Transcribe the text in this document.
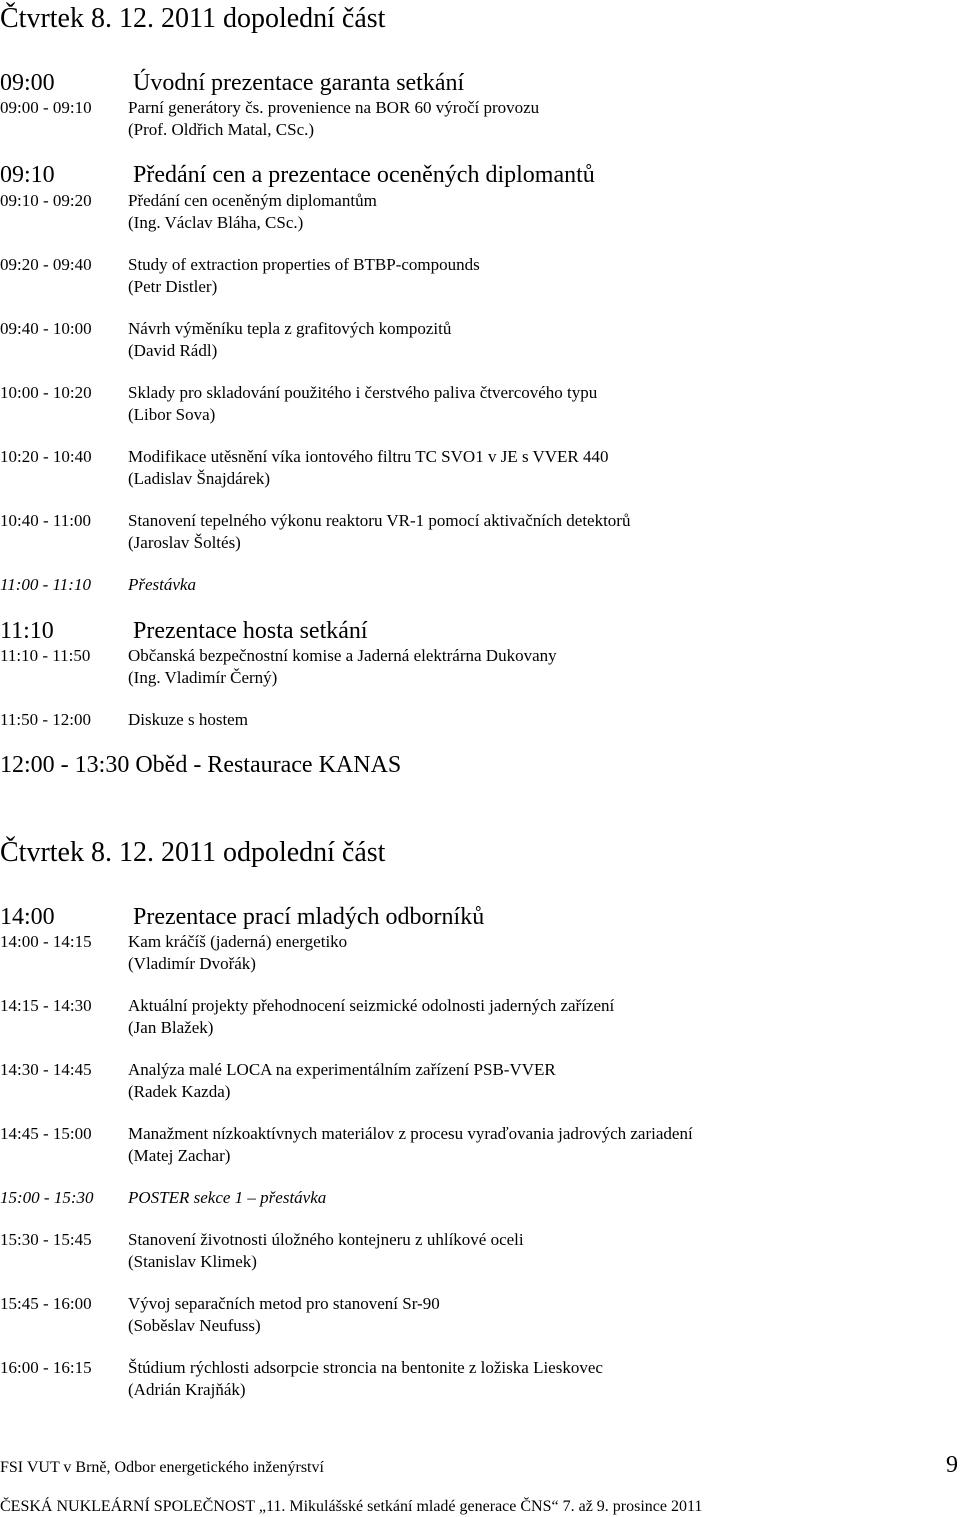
Čtvrtek 8. 12. 2011 dopolední část
09:00	Úvodní prezentace garanta setkání
09:00 - 09:10 Parní generátory čs. provenience na BOR 60 výročí provozu
(Prof. Oldřich Matal, CSc.)
09:10	Předání cen a prezentace oceněných diplomantů
09:10 - 09:20 Předání cen oceněným diplomantům
(Ing. Václav Bláha, CSc.)
09:20 - 09:40 Study of extraction properties of BTBP-compounds
(Petr Distler)
09:40 - 10:00 Návrh výměníku tepla z grafitových kompozitů
(David Rádl)
10:00 - 10:20 Sklady pro skladování použitého i čerstvého paliva čtvercového typu
(Libor Sova)
10:20 - 10:40 Modifikace utěsnění víka iontového filtru TC SVO1 v JE s VVER 440
(Ladislav Šnajdárek)
10:40 - 11:00 Stanovení tepelného výkonu reaktoru VR-1 pomocí aktivačních detektorů
(Jaroslav Šoltés)
11:00 - 11:10 Přestávka
11:10	Prezentace hosta setkání
11:10 - 11:50 Občanská bezpečnostní komise a Jaderná elektrárna Dukovany
(Ing. Vladimír Černý)
11:50 - 12:00 Diskuze s hostem
12:00 - 13:30 Oběd - Restaurace KANAS
Čtvrtek 8. 12. 2011 odpolední část
14:00	Prezentace prací mladých odborníků
14:00 - 14:15 Kam kráčíš (jaderná) energetiko
(Vladimír Dvořák)
14:15 - 14:30 Aktuální projekty přehodnocení seizmické odolnosti jaderných zařízení
(Jan Blažek)
14:30 - 14:45 Analýza malé LOCA na experimentálním zařízení PSB-VVER
(Radek Kazda)
14:45 - 15:00 Manažment nízkoaktívnych materiálov z procesu vyraďovania jadrových zariadení
(Matej Zachar)
15:00 - 15:30 POSTER sekce 1 – přestávka
15:30 - 15:45 Stanovení životnosti úložného kontejneru z uhlíkové oceli
(Stanislav Klimek)
15:45 - 16:00 Vývoj separačních metod pro stanovení Sr-90
(Soběslav Neufuss)
16:00 - 16:15 Štúdium rýchlosti adsorpcie stroncia na bentonite z ložiska Lieskovec
(Adrián Krajňák)
FSI VUT v Brně, Odbor energetického inženýrství	9
ČESKÁ NUKLEÁRNÍ SPOLEČNOST „11. Mikulášské setkání mladé generace ČNS“ 7. až 9. prosince 2011
